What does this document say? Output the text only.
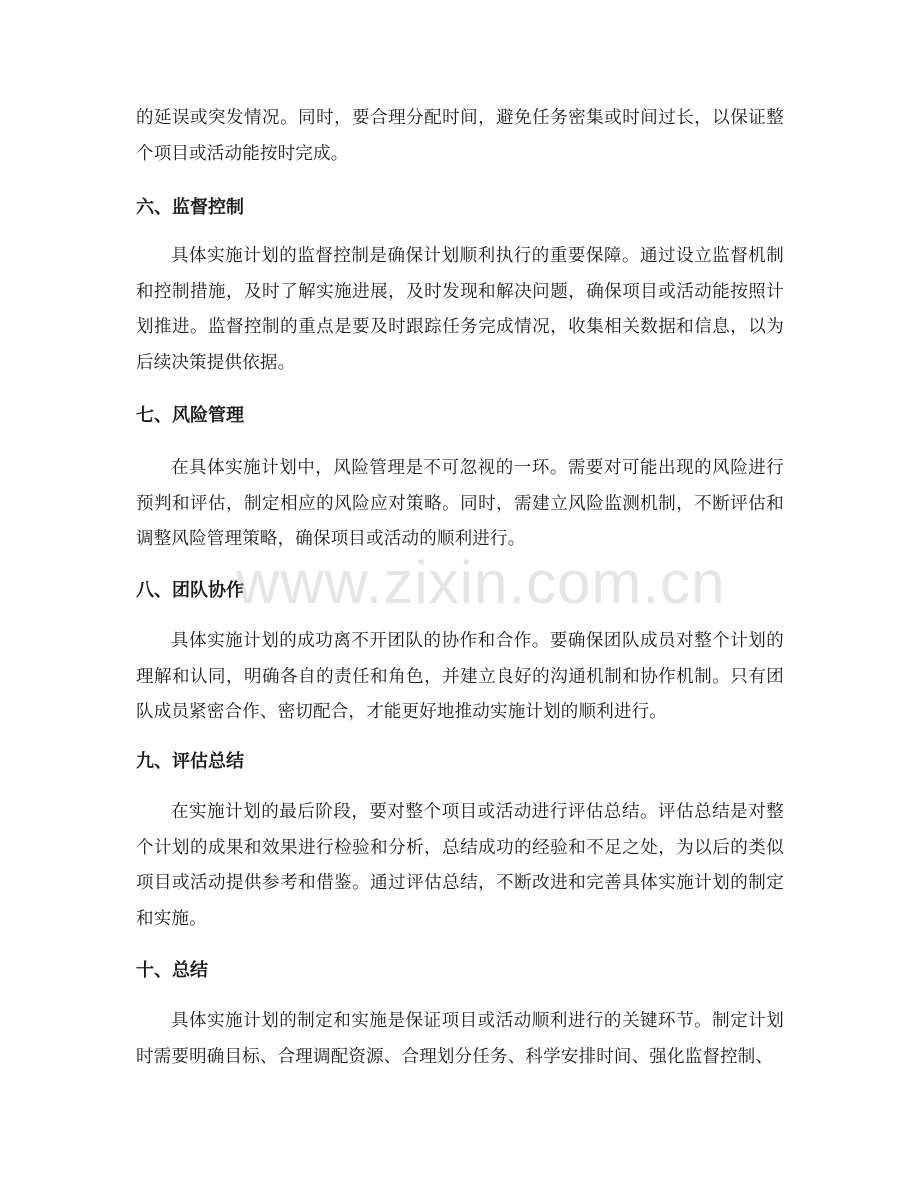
的延误或突发情况。同时，要合理分配时间，避免任务密集或时间过长，以保证整个项目或活动能按时完成。

六、监督控制

具体实施计划的监督控制是确保计划顺利执行的重要保障。通过设立监督机制和控制措施，及时了解实施进展，及时发现和解决问题，确保项目或活动能按照计划推进。监督控制的重点是要及时跟踪任务完成情况，收集相关数据和信息，以为后续决策提供依据。

七、风险管理

在具体实施计划中，风险管理是不可忽视的一环。需要对可能出现的风险进行预判和评估，制定相应的风险应对策略。同时，需建立风险监测机制，不断评估和调整风险管理策略，确保项目或活动的顺利进行。

八、团队协作

具体实施计划的成功离不开团队的协作和合作。要确保团队成员对整个计划的理解和认同，明确各自的责任和角色，并建立良好的沟通机制和协作机制。只有团队成员紧密合作、密切配合，才能更好地推动实施计划的顺利进行。

九、评估总结

在实施计划的最后阶段，要对整个项目或活动进行评估总结。评估总结是对整个计划的成果和效果进行检验和分析，总结成功的经验和不足之处，为以后的类似项目或活动提供参考和借鉴。通过评估总结，不断改进和完善具体实施计划的制定和实施。

十、总结

具体实施计划的制定和实施是保证项目或活动顺利进行的关键环节。制定计划时需要明确目标、合理调配资源、合理划分任务、科学安排时间、强化监督控制、

www.zixin.com.cn
